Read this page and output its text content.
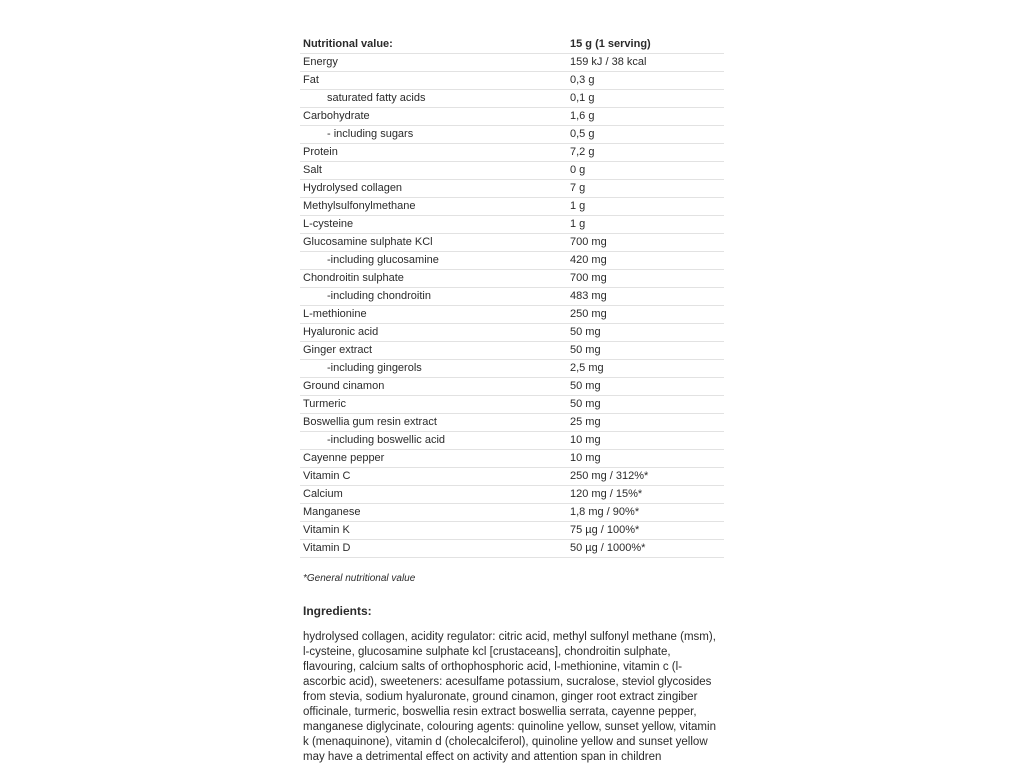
Nutritional value:	15 g (1 serving)
Energy	159 kJ / 38 kcal
Fat	0,3 g
saturated fatty acids	0,1 g
Carbohydrate	1,6 g
- including sugars	0,5 g
Protein	7,2 g
Salt	0 g
Hydrolysed collagen	7 g
Methylsulfonylmethane	1 g
L-cysteine	1 g
Glucosamine sulphate KCl	700 mg
-including glucosamine	420 mg
Chondroitin sulphate	700 mg
-including chondroitin	483 mg
L-methionine	250 mg
Hyaluronic acid	50 mg
Ginger extract	50 mg
-including gingerols	2,5 mg
Ground cinamon	50 mg
Turmeric	50 mg
Boswellia gum resin extract	25 mg
-including boswellic acid	10 mg
Cayenne pepper	10 mg
Vitamin C	250 mg / 312%*
Calcium	120 mg / 15%*
Manganese	1,8 mg / 90%*
Vitamin K	75 µg / 100%*
Vitamin D	50 µg / 1000%*
*General nutritional value
Ingredients:
hydrolysed collagen, acidity regulator: citric acid, methyl sulfonyl methane (msm), l-cysteine, glucosamine sulphate kcl [crustaceans], chondroitin sulphate, flavouring, calcium salts of orthophosphoric acid, l-methionine, vitamin c (l-ascorbic acid), sweeteners: acesulfame potassium, sucralose, steviol glycosides from stevia, sodium hyaluronate, ground cinamon, ginger root extract zingiber officinale, turmeric, boswellia resin extract boswellia serrata, cayenne pepper, manganese diglycinate, colouring agents: quinoline yellow, sunset yellow, vitamin k (menaquinone), vitamin d (cholecalciferol), quinoline yellow and sunset yellow may have a detrimental effect on activity and attention span in children
